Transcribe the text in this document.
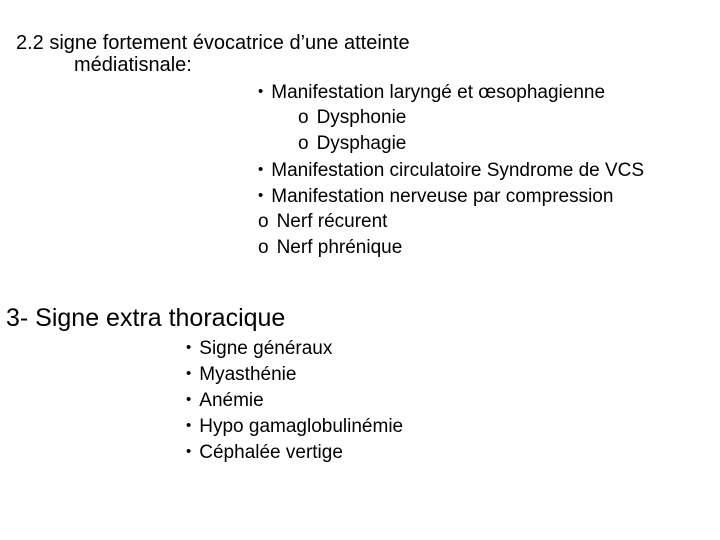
2.2 signe fortement évocatrice d’une atteinte
médiatisnale:
• Manifestation laryngé et œsophagienne
o Dysphonie
o Dysphagie
• Manifestation circulatoire Syndrome de VCS
• Manifestation nerveuse par compression
o Nerf récurent
o Nerf phrénique
3- Signe extra thoracique
• Signe généraux
• Myasthénie
• Anémie
• Hypo gamaglobulinémie
• Céphalée vertige
